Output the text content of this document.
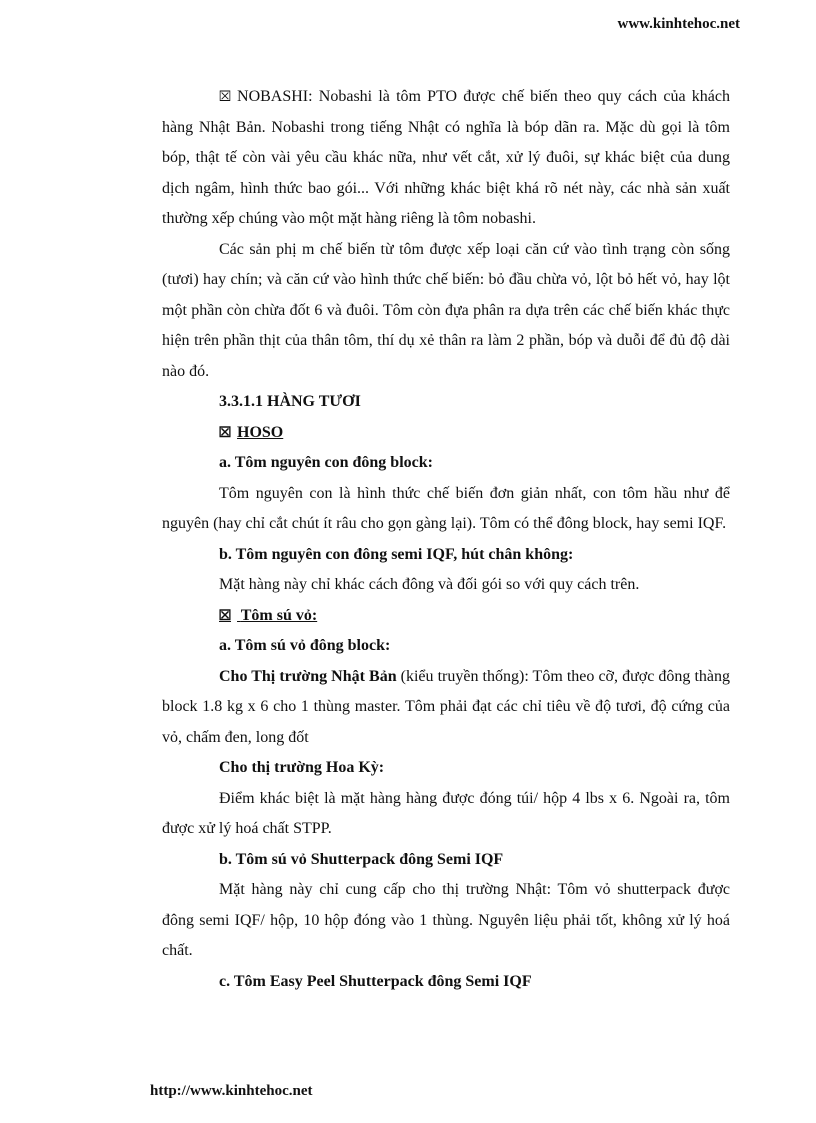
www.kinhtehoc.net

⮽ NOBASHI: Nobashi là tôm PTO được chế biến theo quy cách của khách hàng Nhật Bản. Nobashi trong tiếng Nhật có nghĩa là bóp dãn ra. Mặc dù gọi là tôm bóp, thật tế còn vài yêu cầu khác nữa, như vết cắt, xử lý đuôi, sự khác biệt của dung dịch ngâm, hình thức bao gói... Với những khác biệt khá rõ nét này, các nhà sản xuất thường xếp chúng vào một mặt hàng riêng là tôm nobashi.

Các sản phị m chế biến từ tôm được xếp loại căn cứ vào tình trạng còn sống (tươi) hay chín; và căn cứ vào hình thức chế biến: bỏ đầu chừa vỏ, lột bỏ hết vỏ, hay lột một phần còn chừa đốt 6 và đuôi. Tôm còn đựa phân ra dựa trên các chế biến khác thực hiện trên phần thịt của thân tôm, thí dụ xẻ thân ra làm 2 phần, bóp và duỗi để đủ độ dài nào đó.

3.3.1.1 HÀNG TƯƠI

⮽ HOSO

a. Tôm nguyên con đông block:

Tôm nguyên con là hình thức chế biến đơn giản nhất, con tôm hầu như để nguyên (hay chỉ cắt chút ít râu cho gọn gàng lại). Tôm có thể đông block, hay semi IQF.

b. Tôm nguyên con đông semi IQF, hút chân không:

Mặt hàng này chỉ khác cách đông và đối gói so với quy cách trên.

⮽ Tôm sú vỏ:

a. Tôm sú vỏ đông block:

Cho Thị trường Nhật Bản (kiểu truyền thống): Tôm theo cỡ, được đông thàng block 1.8 kg x 6 cho 1 thùng master. Tôm phải đạt các chỉ tiêu về độ tươi, độ cứng của vỏ, chấm đen, long đốt

Cho thị trường Hoa Kỳ:

Điểm khác biệt là mặt hàng hàng được đóng túi/ hộp 4 lbs x 6. Ngoài ra, tôm được xử lý hoá chất STPP.

b. Tôm sú vỏ Shutterpack đông Semi IQF

Mặt hàng này chỉ cung cấp cho thị trường Nhật: Tôm vỏ shutterpack được đông semi IQF/ hộp, 10 hộp đóng vào 1 thùng. Nguyên liệu phải tốt, không xử lý hoá chất.

c. Tôm Easy Peel Shutterpack đông Semi IQF

http://www.kinhtehoc.net
